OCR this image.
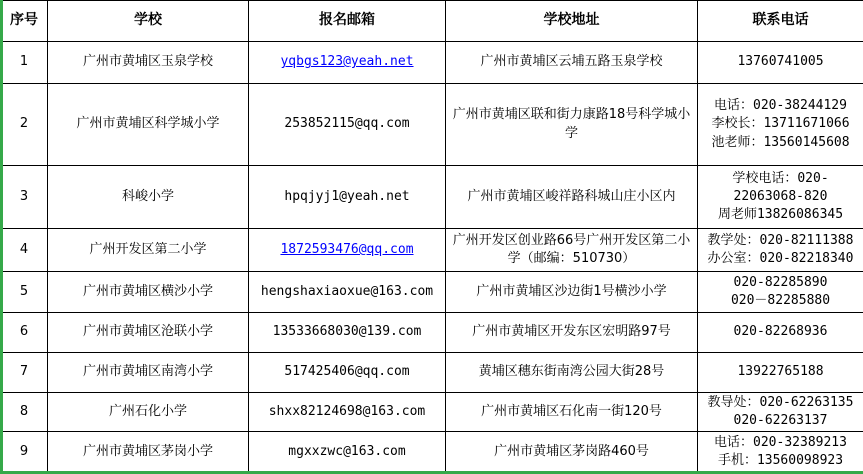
序号	学校	报名邮箱	学校地址	联系电话
1	广州市黄埔区玉泉学校	yqbgs123@yeah.net	广州市黄埔区云埔五路玉泉学校	13760741005

2	广州市黄埔区科学城小学	253852115@qq.com	广州市黄埔区联和街力康路18号科学城小学	电话：020-38244129
李校长：13711671066
池老师：13560145608

3	科峻小学	hpqjyj1@yeah.net	广州市黄埔区峻祥路科城山庄小区内	学校电话：020-22063068-820
周老师13826086345

4	广州开发区第二小学	1872593476@qq.com	广州开发区创业路66号广州开发区第二小学（邮编：510730）	教学处：020-82111388
办公室：020-82218340

5	广州市黄埔区横沙小学	hengshaxiaoxue@163.com	广州市黄埔区沙边街1号横沙小学	020-82285890
020－82285880

6	广州市黄埔区沧联小学	13533668030@139.com	广州市黄埔区开发东区宏明路97号	020-82268936

7	广州市黄埔区南湾小学	517425406@qq.com	黄埔区穗东街南湾公园大街28号	13922765188

8	广州石化小学	shxx82124698@163.com	广州市黄埔区石化南一街120号	教导处：020-62263135
020-62263137

9	广州市黄埔区茅岗小学	mgxxzwc@163.com	广州市黄埔区茅岗路460号	电话：020-32389213
手机：13560098923
